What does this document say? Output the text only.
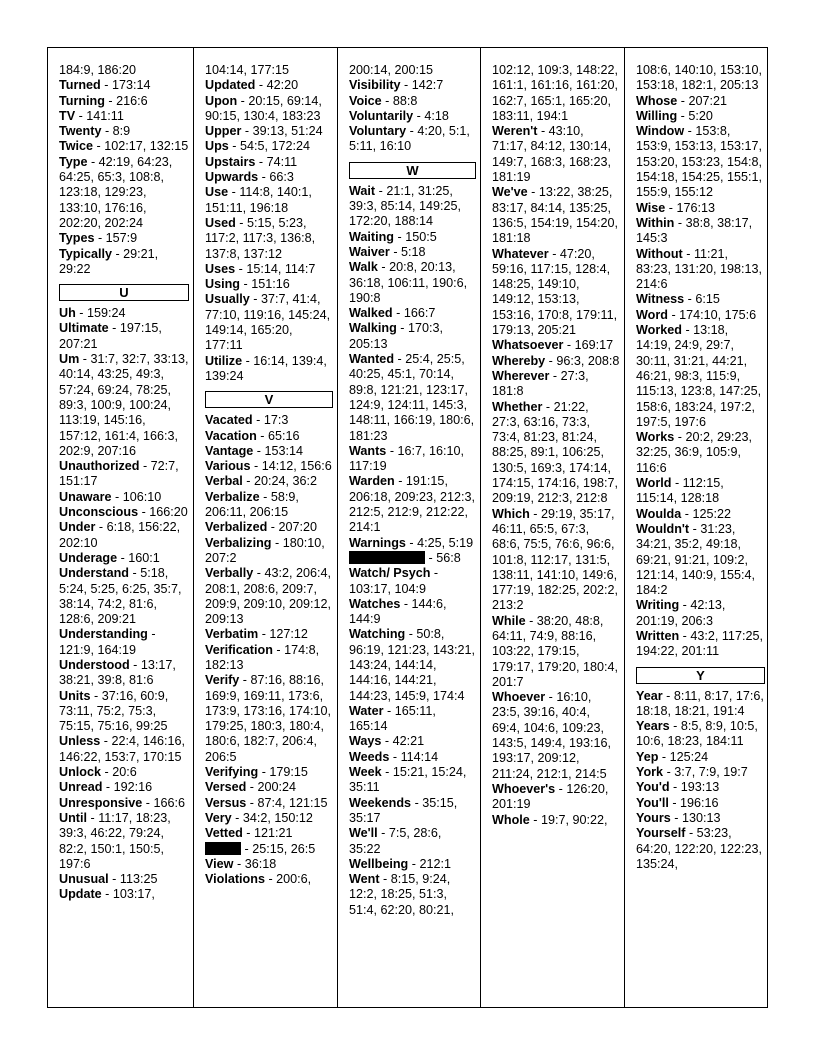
184:9, 186:20

Turned - 173:14

Turning - 216:6

TV - 141:11

Twenty - 8:9

Twice - 102:17, 132:15

Type - 42:19, 64:23, 64:25, 65:3, 108:8, 123:18, 129:23, 133:10, 176:16, 202:20, 202:24

Types - 157:9

Typically - 29:21, 29:22

U

Uh - 159:24

Ultimate - 197:15, 207:21

Um - 31:7, 32:7, 33:13, 40:14, 43:25, 49:3, 57:24, 69:24, 78:25, 89:3, 100:9, 100:24, 113:19, 145:16, 157:12, 161:4, 166:3, 202:9, 207:16

Unauthorized - 72:7, 151:17

Unaware - 106:10

Unconscious - 166:20

Under - 6:18, 156:22, 202:10

Underage - 160:1

Understand - 5:18, 5:24, 5:25, 6:25, 35:7, 38:14, 74:2, 81:6, 128:6, 209:21

Understanding - 121:9, 164:19

Understood - 13:17, 38:21, 39:8, 81:6

Units - 37:16, 60:9, 73:11, 75:2, 75:3, 75:15, 75:16, 99:25

Unless - 22:4, 146:16, 146:22, 153:7, 170:15

Unlock - 20:6

Unread - 192:16

Unresponsive - 166:6

Until - 11:17, 18:23, 39:3, 46:22, 79:24, 82:2, 150:1, 150:5, 197:6

Unusual - 113:25

Update - 103:17,

104:14, 177:15

Updated - 42:20

Upon - 20:15, 69:14, 90:15, 130:4, 183:23

Upper - 39:13, 51:24

Ups - 54:5, 172:24

Upstairs - 74:11

Upwards - 66:3

Use - 114:8, 140:1, 151:11, 196:18

Used - 5:15, 5:23, 117:2, 117:3, 136:8, 137:8, 137:12

Uses - 15:14, 114:7

Using - 151:16

Usually - 37:7, 41:4, 77:10, 119:16, 145:24, 149:14, 165:20, 177:11

Utilize - 16:14, 139:4, 139:24

V

Vacated - 17:3

Vacation - 65:16

Vantage - 153:14

Various - 14:12, 156:6

Verbal - 20:24, 36:2

Verbalize - 58:9, 206:11, 206:15

Verbalized - 207:20

Verbalizing - 180:10, 207:2

Verbally - 43:2, 206:4, 208:1, 208:6, 209:7, 209:9, 209:10, 209:12, 209:13

Verbatim - 127:12

Verification - 174:8, 182:13

Verify - 87:16, 88:16, 169:9, 169:11, 173:6, 173:9, 173:16, 174:10, 179:25, 180:3, 180:4, 180:6, 182:7, 206:4, 206:5

Verifying - 179:15

Versed - 200:24

Versus - 87:4, 121:15

Very - 34:2, 150:12

Vetted - 121:21

- 25:15, 26:5

View - 36:18

Violations - 200:6,

200:14, 200:15

Visibility - 142:7

Voice - 88:8

Voluntarily - 4:18

Voluntary - 4:20, 5:1, 5:11, 16:10

W

Wait - 21:1, 31:25, 39:3, 85:14, 149:25, 172:20, 188:14

Waiting - 150:5

Waiver - 5:18

Walk - 20:8, 20:13, 36:18, 106:11, 190:6, 190:8

Walked - 166:7

Walking - 170:3, 205:13

Wanted - 25:4, 25:5, 40:25, 45:1, 70:14, 89:8, 121:21, 123:17, 124:9, 124:11, 145:3, 148:11, 166:19, 180:6, 181:23

Wants - 16:7, 16:10, 117:19

Warden - 191:15, 206:18, 209:23, 212:3, 212:5, 212:9, 212:22, 214:1

Warnings - 4:25, 5:19

- 56:8

Watch/ Psych - 103:17, 104:9

Watches - 144:6, 144:9

Watching - 50:8, 96:19, 121:23, 143:21, 143:24, 144:14, 144:16, 144:21, 144:23, 145:9, 174:4

Water - 165:11, 165:14

Ways - 42:21

Weeds - 114:14

Week - 15:21, 15:24, 35:11

Weekends - 35:15, 35:17

We'll - 7:5, 28:6, 35:22

Wellbeing - 212:1

Went - 8:15, 9:24, 12:2, 18:25, 51:3, 51:4, 62:20, 80:21,

102:12, 109:3, 148:22, 161:1, 161:16, 161:20, 162:7, 165:1, 165:20, 183:11, 194:1

Weren't - 43:10, 71:17, 84:12, 130:14, 149:7, 168:3, 168:23, 181:19

We've - 13:22, 38:25, 83:17, 84:14, 135:25, 136:5, 154:19, 154:20, 181:18

Whatever - 47:20, 59:16, 117:15, 128:4, 148:25, 149:10, 149:12, 153:13, 153:16, 170:8, 179:11, 179:13, 205:21

Whatsoever - 169:17

Whereby - 96:3, 208:8

Wherever - 27:3, 181:8

Whether - 21:22, 27:3, 63:16, 73:3, 73:4, 81:23, 81:24, 88:25, 89:1, 106:25, 130:5, 169:3, 174:14, 174:15, 174:16, 198:7, 209:19, 212:3, 212:8

Which - 29:19, 35:17, 46:11, 65:5, 67:3, 68:6, 75:5, 76:6, 96:6, 101:8, 112:17, 131:5, 138:11, 141:10, 149:6, 177:19, 182:25, 202:2, 213:2

While - 38:20, 48:8, 64:11, 74:9, 88:16, 103:22, 179:15, 179:17, 179:20, 180:4, 201:7

Whoever - 16:10, 23:5, 39:16, 40:4, 69:4, 104:6, 109:23, 143:5, 149:4, 193:16, 193:17, 209:12, 211:24, 212:1, 214:5

Whoever's - 126:20, 201:19

Whole - 19:7, 90:22,

108:6, 140:10, 153:10, 153:18, 182:1, 205:13

Whose - 207:21

Willing - 5:20

Window - 153:8, 153:9, 153:13, 153:17, 153:20, 153:23, 154:8, 154:18, 154:25, 155:1, 155:9, 155:12

Wise - 176:13

Within - 38:8, 38:17, 145:3

Without - 11:21, 83:23, 131:20, 198:13, 214:6

Witness - 6:15

Word - 174:10, 175:6

Worked - 13:18, 14:19, 24:9, 29:7, 30:11, 31:21, 44:21, 46:21, 98:3, 115:9, 115:13, 123:8, 147:25, 158:6, 183:24, 197:2, 197:5, 197:6

Works - 20:2, 29:23, 32:25, 36:9, 105:9, 116:6

World - 112:15, 115:14, 128:18

Woulda - 125:22

Wouldn't - 31:23, 34:21, 35:2, 49:18, 69:21, 91:21, 109:2, 121:14, 140:9, 155:4, 184:2

Writing - 42:13, 201:19, 206:3

Written - 43:2, 117:25, 194:22, 201:11

Y

Year - 8:11, 8:17, 17:6, 18:18, 18:21, 191:4

Years - 8:5, 8:9, 10:5, 10:6, 18:23, 184:11

Yep - 125:24

York - 3:7, 7:9, 19:7

You'd - 193:13

You'll - 196:16

Yours - 130:13

Yourself - 53:23, 64:20, 122:20, 122:23, 135:24,
